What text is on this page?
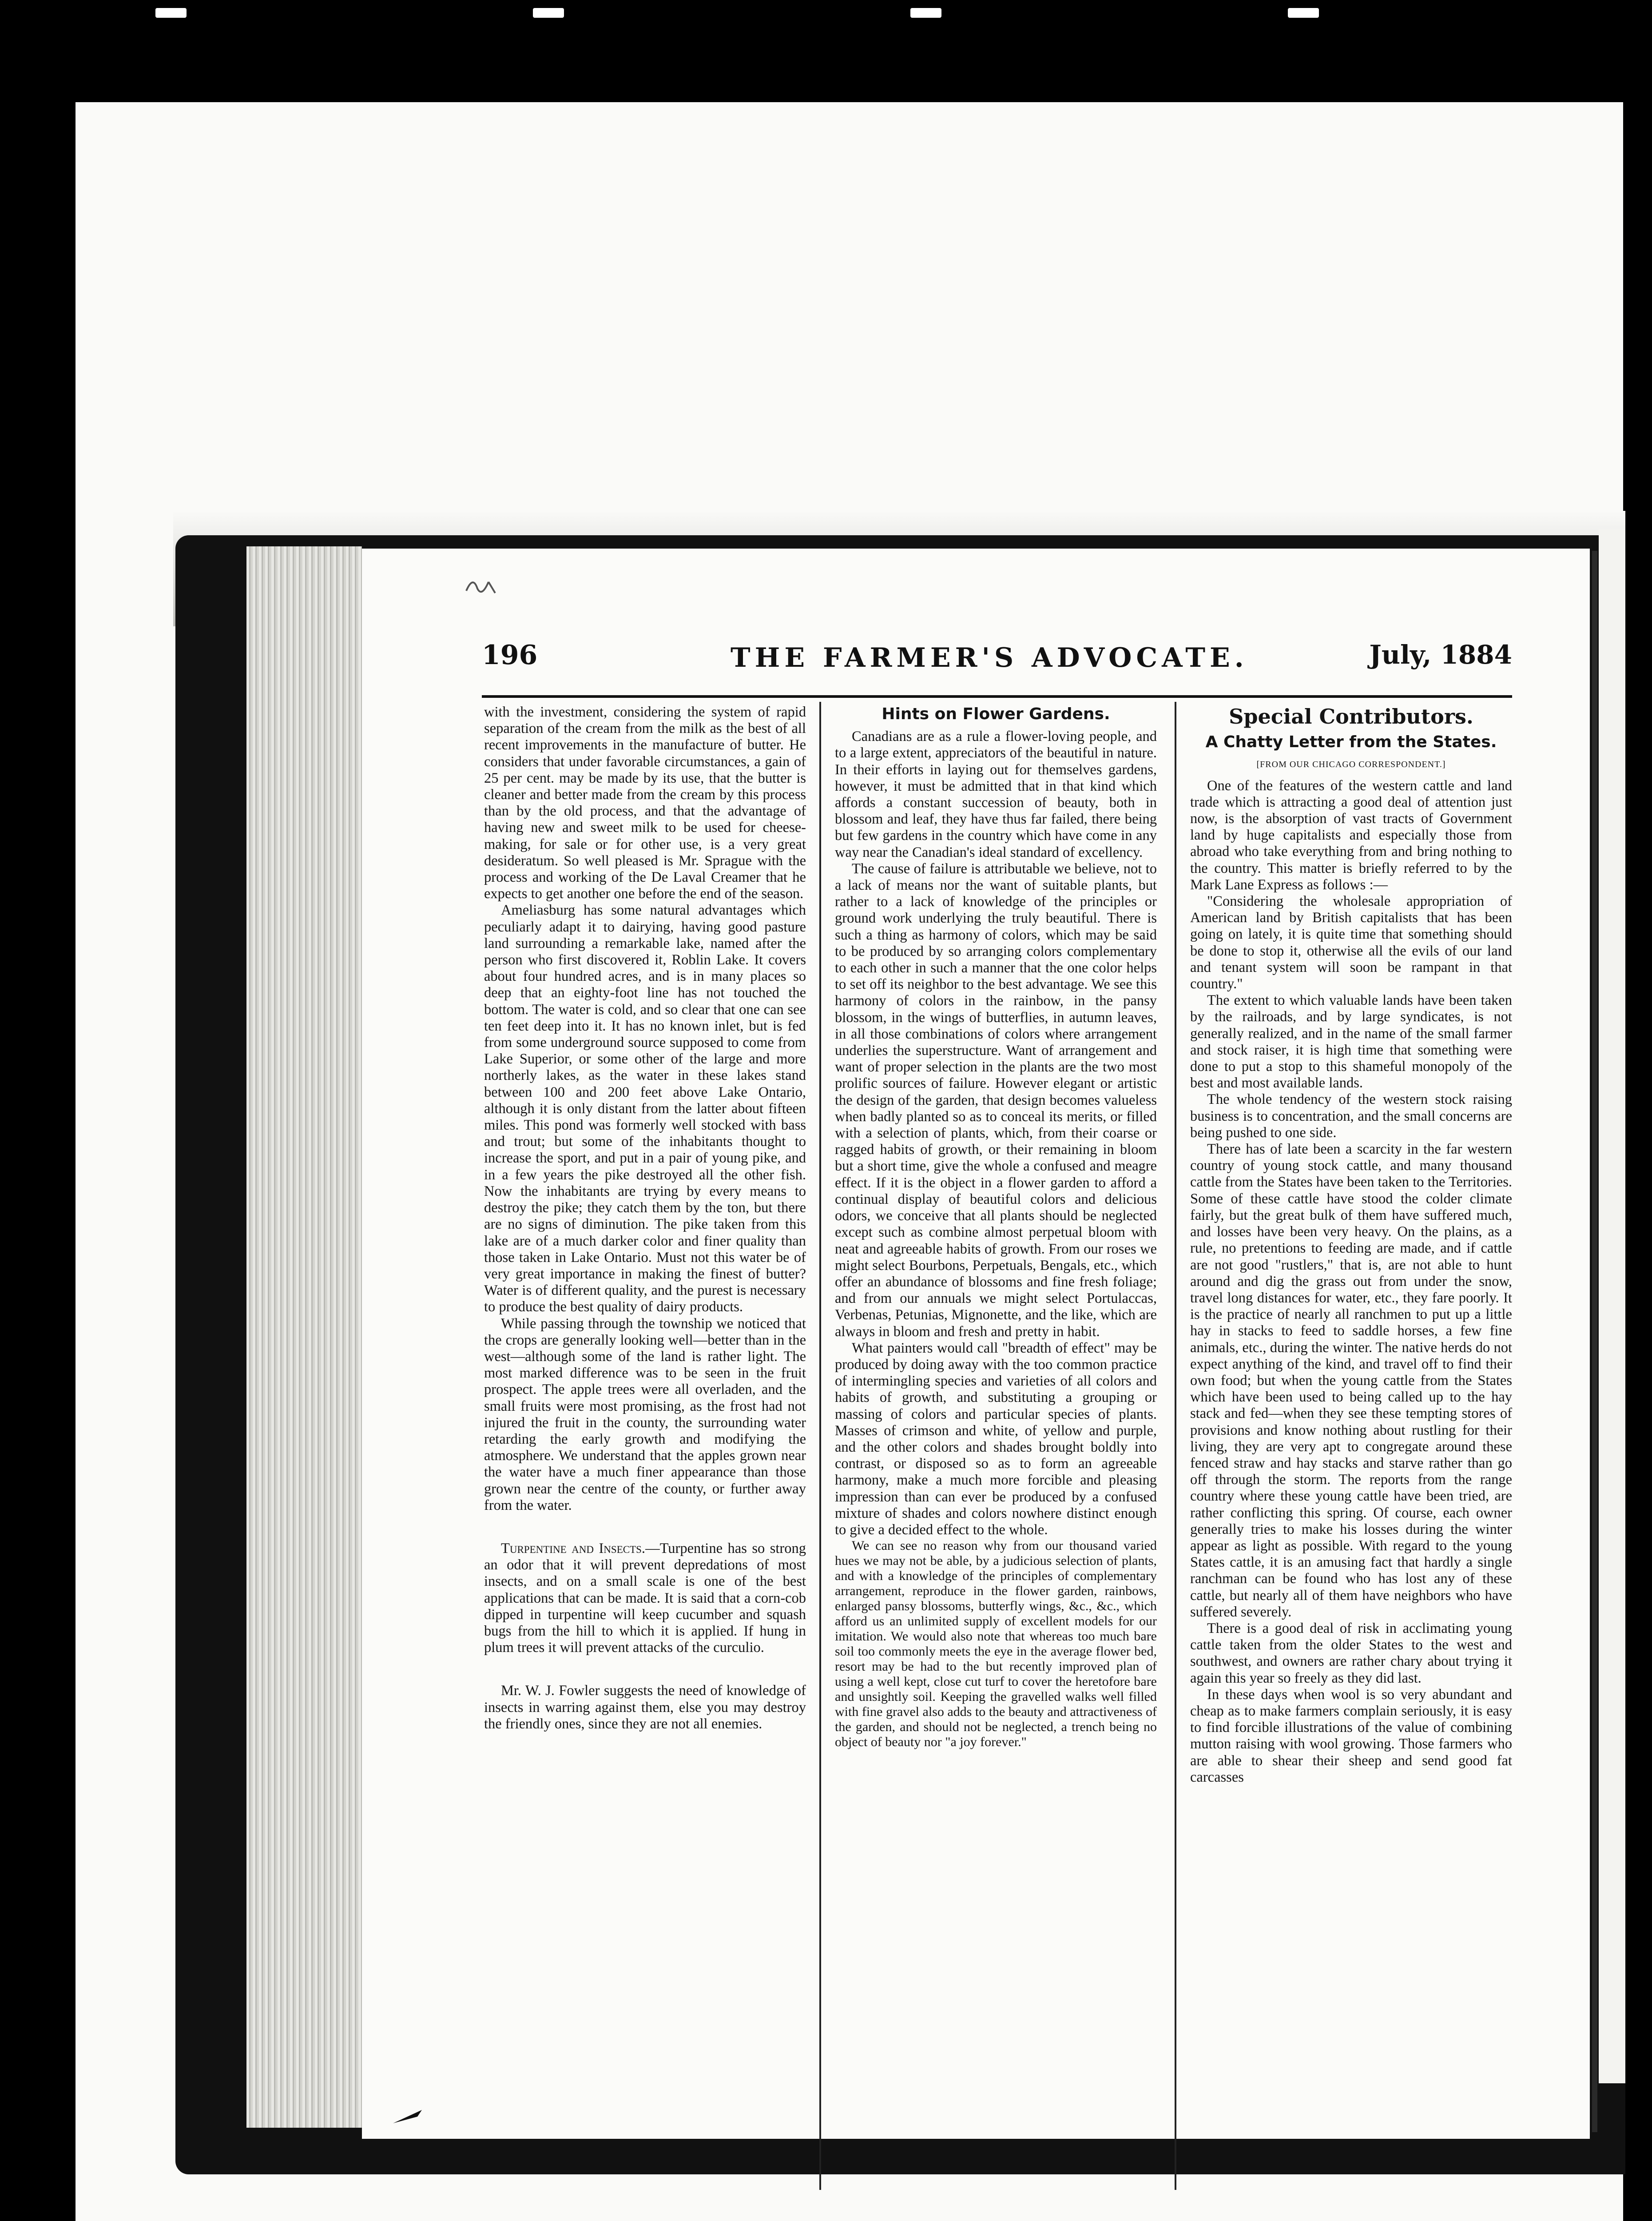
196	THE FARMER'S ADVOCATE.	July, 1884

with the investment, considering the system of rapid separation of the cream from the milk as the best of all recent improvements in the manufacture of butter. He considers that under favorable circumstances, a gain of 25 per cent. may be made by its use, that the butter is cleaner and better made from the cream by this process than by the old process, and that the advantage of having new and sweet milk to be used for cheese-making, for sale or for other use, is a very great desideratum. So well pleased is Mr. Sprague with the process and working of the De Laval Creamer that he expects to get another one before the end of the season.

Ameliasburg has some natural advantages which peculiarly adapt it to dairying, having good pasture land surrounding a remarkable lake, named after the person who first discovered it, Roblin Lake. It covers about four hundred acres, and is in many places so deep that an eighty-foot line has not touched the bottom. The water is cold, and so clear that one can see ten feet deep into it. It has no known inlet, but is fed from some underground source supposed to come from Lake Superior, or some other of the large and more northerly lakes, as the water in these lakes stand between 100 and 200 feet above Lake Ontario, although it is only distant from the latter about fifteen miles. This pond was formerly well stocked with bass and trout; but some of the inhabitants thought to increase the sport, and put in a pair of young pike, and in a few years the pike destroyed all the other fish. Now the inhabitants are trying by every means to destroy the pike; they catch them by the ton, but there are no signs of diminution. The pike taken from this lake are of a much darker color and finer quality than those taken in Lake Ontario. Must not this water be of very great importance in making the finest of butter? Water is of different quality, and the purest is necessary to produce the best quality of dairy products.

While passing through the township we noticed that the crops are generally looking well—better than in the west—although some of the land is rather light. The most marked difference was to be seen in the fruit prospect. The apple trees were all overladen, and the small fruits were most promising, as the frost had not injured the fruit in the county, the surrounding water retarding the early growth and modifying the atmosphere. We understand that the apples grown near the water have a much finer appearance than those grown near the centre of the county, or further away from the water.

Turpentine and Insects.—Turpentine has so strong an odor that it will prevent depredations of most insects, and on a small scale is one of the best applications that can be made. It is said that a corn-cob dipped in turpentine will keep cucumber and squash bugs from the hill to which it is applied. If hung in plum trees it will prevent attacks of the curculio.

Mr. W. J. Fowler suggests the need of knowledge of insects in warring against them, else you may destroy the friendly ones, since they are not all enemies.

Hints on Flower Gardens.

Canadians are as a rule a flower-loving people, and to a large extent, appreciators of the beautiful in nature. In their efforts in laying out for themselves gardens, however, it must be admitted that in that kind which affords a constant succession of beauty, both in blossom and leaf, they have thus far failed, there being but few gardens in the country which have come in any way near the Canadian's ideal standard of excellency.

The cause of failure is attributable we believe, not to a lack of means nor the want of suitable plants, but rather to a lack of knowledge of the principles or ground work underlying the truly beautiful. There is such a thing as harmony of colors, which may be said to be produced by so arranging colors complementary to each other in such a manner that the one color helps to set off its neighbor to the best advantage. We see this harmony of colors in the rainbow, in the pansy blossom, in the wings of butterflies, in autumn leaves, in all those combinations of colors where arrangement underlies the superstructure. Want of arrangement and want of proper selection in the plants are the two most prolific sources of failure. However elegant or artistic the design of the garden, that design becomes valueless when badly planted so as to conceal its merits, or filled with a selection of plants, which, from their coarse or ragged habits of growth, or their remaining in bloom but a short time, give the whole a confused and meagre effect. If it is the object in a flower garden to afford a continual display of beautiful colors and delicious odors, we conceive that all plants should be neglected except such as combine almost perpetual bloom with neat and agreeable habits of growth. From our roses we might select Bourbons, Perpetuals, Bengals, etc., which offer an abundance of blossoms and fine fresh foliage; and from our annuals we might select Portulaccas, Verbenas, Petunias, Mignonette, and the like, which are always in bloom and fresh and pretty in habit.

What painters would call "breadth of effect" may be produced by doing away with the too common practice of intermingling species and varieties of all colors and habits of growth, and substituting a grouping or massing of colors and particular species of plants. Masses of crimson and white, of yellow and purple, and the other colors and shades brought boldly into contrast, or disposed so as to form an agreeable harmony, make a much more forcible and pleasing impression than can ever be produced by a confused mixture of shades and colors nowhere distinct enough to give a decided effect to the whole.

We can see no reason why from our thousand varied hues we may not be able, by a judicious selection of plants, and with a knowledge of the principles of complementary arrangement, reproduce in the flower garden, rainbows, enlarged pansy blossoms, butterfly wings, &c., &c., which afford us an unlimited supply of excellent models for our imitation. We would also note that whereas too much bare soil too commonly meets the eye in the average flower bed, resort may be had to the but recently improved plan of using a well kept, close cut turf to cover the heretofore bare and unsightly soil. Keeping the gravelled walks well filled with fine gravel also adds to the beauty and attractiveness of the garden, and should not be neglected, a trench being no object of beauty nor "a joy forever."

Special Contributors.
A Chatty Letter from the States.
[FROM OUR CHICAGO CORRESPONDENT.]

One of the features of the western cattle and land trade which is attracting a good deal of attention just now, is the absorption of vast tracts of Government land by huge capitalists and especially those from abroad who take everything from and bring nothing to the country. This matter is briefly referred to by the Mark Lane Express as follows :—

"Considering the wholesale appropriation of American land by British capitalists that has been going on lately, it is quite time that something should be done to stop it, otherwise all the evils of our land and tenant system will soon be rampant in that country."

The extent to which valuable lands have been taken by the railroads, and by large syndicates, is not generally realized, and in the name of the small farmer and stock raiser, it is high time that something were done to put a stop to this shameful monopoly of the best and most available lands.

The whole tendency of the western stock raising business is to concentration, and the small concerns are being pushed to one side.

There has of late been a scarcity in the far western country of young stock cattle, and many thousand cattle from the States have been taken to the Territories. Some of these cattle have stood the colder climate fairly, but the great bulk of them have suffered much, and losses have been very heavy. On the plains, as a rule, no pretentions to feeding are made, and if cattle are not good "rustlers," that is, are not able to hunt around and dig the grass out from under the snow, travel long distances for water, etc., they fare poorly. It is the practice of nearly all ranchmen to put up a little hay in stacks to feed to saddle horses, a few fine animals, etc., during the winter. The native herds do not expect anything of the kind, and travel off to find their own food; but when the young cattle from the States which have been used to being called up to the hay stack and fed—when they see these tempting stores of provisions and know nothing about rustling for their living, they are very apt to congregate around these fenced straw and hay stacks and starve rather than go off through the storm. The reports from the range country where these young cattle have been tried, are rather conflicting this spring. Of course, each owner generally tries to make his losses during the winter appear as light as possible. With regard to the young States cattle, it is an amusing fact that hardly a single ranchman can be found who has lost any of these cattle, but nearly all of them have neighbors who have suffered severely.

There is a good deal of risk in acclimating young cattle taken from the older States to the west and southwest, and owners are rather chary about trying it again this year so freely as they did last.

In these days when wool is so very abundant and cheap as to make farmers complain seriously, it is easy to find forcible illustrations of the value of combining mutton raising with wool growing. Those farmers who are able to shear their sheep and send good fat carcasses
